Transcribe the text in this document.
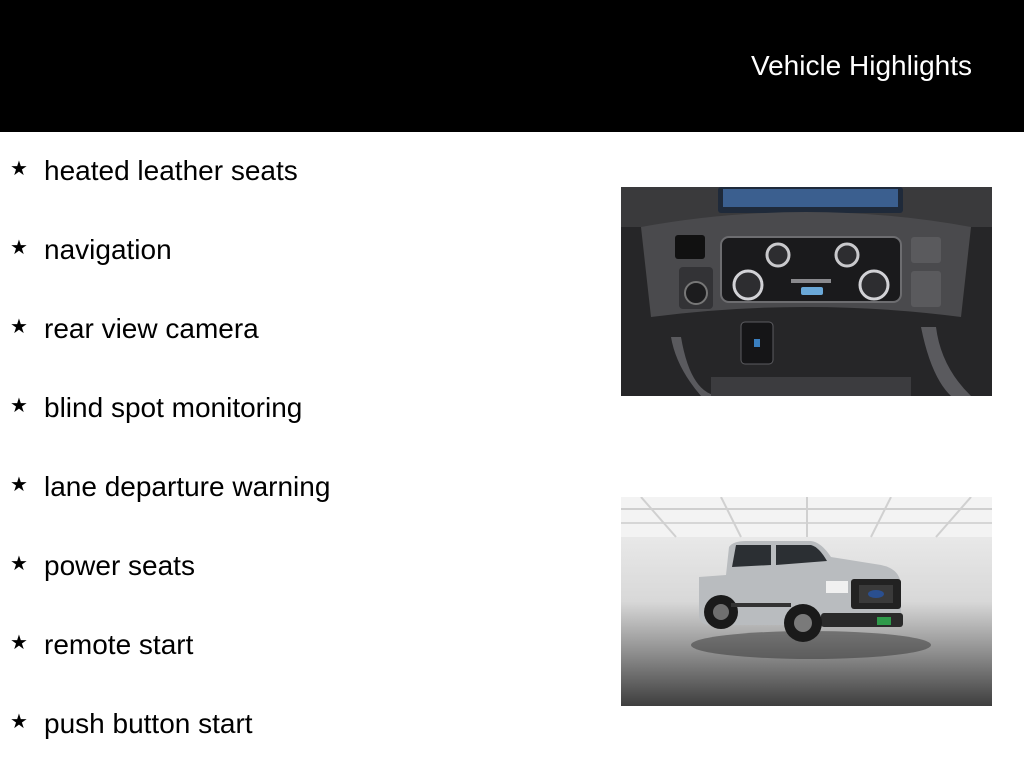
Vehicle Highlights
★ heated leather seats
★ navigation
★ rear view camera
★ blind spot monitoring
★ lane departure warning
★ power seats
★ remote start
★ push button start
